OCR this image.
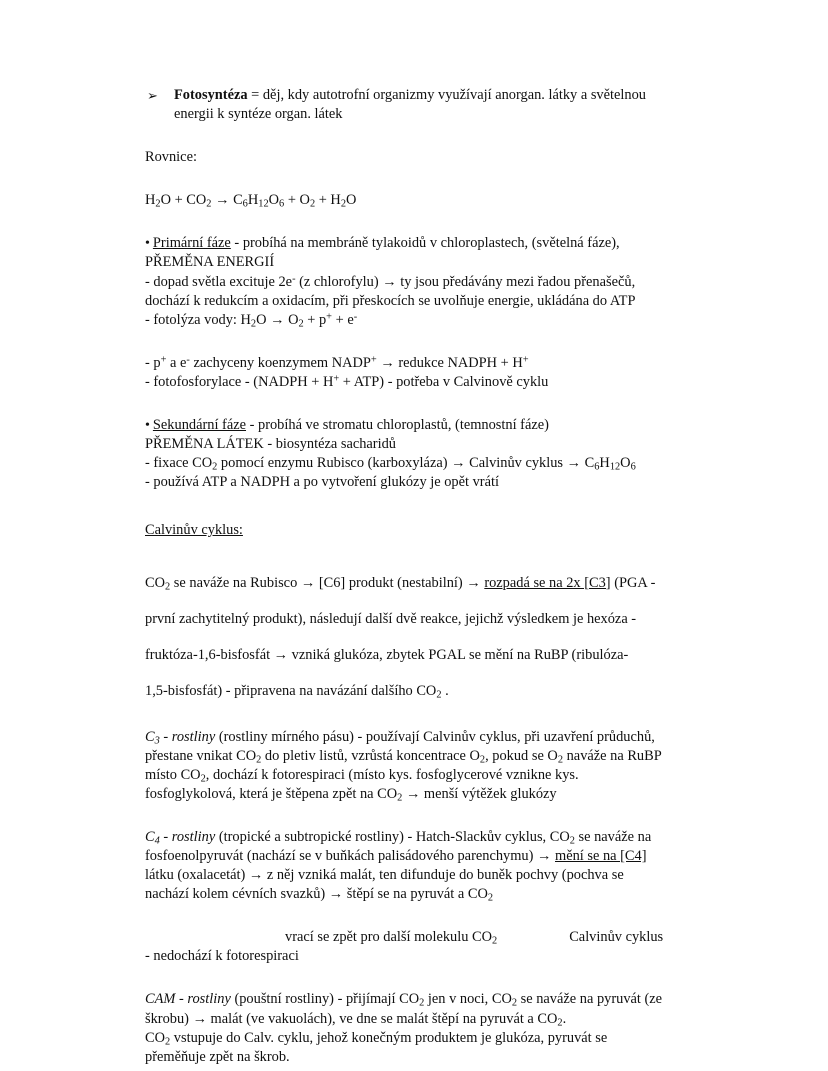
➢ Fotosyntéza = děj, kdy autotrofní organizmy využívají anorgan. látky a světelnou

energii k syntéze organ. látek

Rovnice:

$H_2O + CO_2 \to C_6H_{12}O_6 + O_2 + H_2O$

• Primární fáze - probíhá na membráně tylakoidů v chloroplastech, (světelná fáze),

PŘEMĚNA ENERGIÍ

- dopad světla excituje 2e- (z chlorofylu) → ty jsou předávány mezi řadou přenašečů,

dochází k redukcím a oxidacím, při přeskocích se uvolňuje energie, ukládána do ATP

- fotolýza vody: $H_2O \to O_2 + p^+ + e^-$

- p+ a e- zachyceny koenzymem NADP+ → redukce NADPH + H+

- fotofosforylace - (NADPH + H+ + ATP) - potřeba v Calvinově cyklu

• Sekundární fáze - probíhá ve stromatu chloroplastů, (temnostní fáze)

PŘEMĚNA LÁTEK - biosyntéza sacharidů

- fixace $CO_2$ pomocí enzymu Rubisco (karboxyláza) → Calvinův cyklus → $C_6H_{12}O_6$

- používá ATP a NADPH a po vytvoření glukózy je opět vrátí

Calvinův cyklus:

$CO_2$ se naváže na Rubisco → [C6] produkt (nestabilní) → rozpadá se na 2x [C3] (PGA -

první zachytitelný produkt), následují další dvě reakce, jejichž výsledkem je hexóza -

fruktóza-1,6-bisfosfát → vzniká glukóza, zbytek PGAL se mění na RuBP (ribulóza-

1,5-bisfosfát) - připravena na navázání dalšího $CO_2$ .

$C_3$ - rostliny (rostliny mírného pásu) - používají Calvinův cyklus, při uzavření průduchů,

přestane vnikat $CO_2$ do pletiv listů, vzrůstá koncentrace $O_2$, pokud se $O_2$ naváže na RuBP

místo $CO_2$, dochází k fotorespiraci (místo kys. fosfoglycerové vznikne kys.

fosfoglykolová, která je štěpena zpět na $CO_2$ → menší výtěžek glukózy

$C_4$ - rostliny (tropické a subtropické rostliny) - Hatch-Slackův cyklus, $CO_2$ se naváže na

fosfoenolpyruvát (nachází se v buňkách palisádového parenchymu) → mění se na [C4]

látku (oxalacetát) → z něj vzniká malát, ten difunduje do buněk pochvy (pochva se

nachází kolem cévních svazků) → štěpí se na pyruvát a $CO_2$

vrací se zpět pro další molekulu $CO_2$	Calvinův cyklus

- nedochází k fotorespiraci

CAM - rostliny (pouštní rostliny) - přijímají $CO_2$ jen v noci, $CO_2$ se naváže na pyruvát (ze

škrobu) → malát (ve vakuolách), ve dne se malát štěpí na pyruvát a $CO_2$.

$CO_2$ vstupuje do Calv. cyklu, jehož konečným produktem je glukóza, pyruvát se

přeměňuje zpět na škrob.
